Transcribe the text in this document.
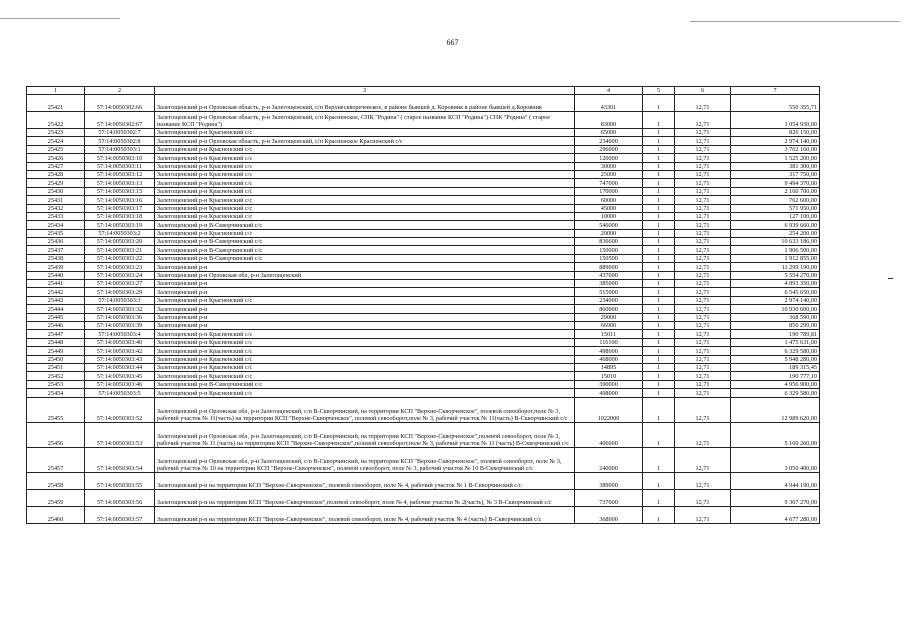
667
1	2	3	4	5	6	7
25421	57:14:0050302:66	Залегощенский р-н Орловская область, р-н Залегощенский, с/п Верхнескворечевское, в районе бывшей д. Коровник в районе бывшей д.Коровник	43301	1	12,71	550 355,71
25422	57:14:0050302:67	Залегощенский р-н Орловская область, р-н Залегощенский, с/п Красненское, СПК "Родина" ( старое название КСП "Родина") СПК "Родина" ( старое название КСП "Родина")	83000	1	12,71	1 054 930,00
25423	57:14:0050302:7	Залегощенский р-н Красненский с/с	65000	1	12,71	826 150,00
25424	57:14:0050302:8	Залегощенский р-н Орловская область, р-н Залегощенский, с/п Красненское Красненский с/с	234000	1	12,71	2 974 140,00
25425	57:14:0050303:1	Залегощенский р-н Красненский с/с	296000	1	12,71	3 762 160,00
25426	57:14:0050303:10	Залегощенский р-н Красненский с/с	120000	1	12,71	1 525 200,00
25427	57:14:0050303:11	Залегощенский р-н Красненский с/с	30000	1	12,71	381 300,00
25428	57:14:0050303:12	Залегощенский р-н Красненский с/с	25000	1	12,71	317 750,00
25429	57:14:0050303:13	Залегощенский р-н Красненский с/с	747000	1	12,71	9 494 370,00
25430	57:14:0050303:15	Залегощенский р-н Красненский с/с	170000	1	12,71	2 160 700,00
25431	57:14:0050303:16	Залегощенский р-н Красненский с/с	60000	1	12,71	762 600,00
25432	57:14:0050303:17	Залегощенский р-н Красненский с/с	45000	1	12,71	571 950,00
25433	57:14:0050303:18	Залегощенский р-н Красненский с/с	10000	1	12,71	127 100,00
25434	57:14:0050303:19	Залегощенский р-н В-Скворчинский с/с	546000	1	12,71	6 939 660,00
25435	57:14:0050303:2	Залегощенский р-н Красненский с/с	20000	1	12,71	254 200,00
25436	57:14:0050303:20	Залегощенский р-н В-Скворчинский с/с	836600	1	12,71	10 633 186,00
25437	57:14:0050303:21	Залегощенский р-н В-Скворчинский с/с	150000	1	12,71	1 906 500,00
25438	57:14:0050303:22	Залегощенский р-н В-Скворчинский с/с	150500	1	12,71	1 912 855,00
25439	57:14:0050303:23	Залегощенский р-н	889000	1	12,71	11 299 190,00
25440	57:14:0050303:24	Залегощенский р-н Орловская обл, р-н Залегощенский	437000	1	12,71	5 554 270,00
25441	57:14:0050303:27	Залегощенский р-н	385000	1	12,71	4 893 350,00
25442	57:14:0050303:29	Залегощенский р-н	515000	1	12,71	6 545 650,00
25443	57:14:0050303:3	Залегощенский р-н Красненский с/с	234000	1	12,71	2 974 140,00
25444	57:14:0050303:32	Залегощенский р-н	860000	1	12,71	10 930 600,00
25445	57:14:0050303:36	Залегощенский р-н	29000	1	12,71	368 590,00
25446	57:14:0050303:39	Залегощенский р-н	66900	1	12,71	850 299,00
25447	57:14:0050303:4	Залегощенский р-н Красненский с/с	15011	1	12,71	190 789,81
25448	57:14:0050303:40	Залегощенский р-н Красненский с/с	116100	1	12,71	1 475 631,00
25449	57:14:0050303:42	Залегощенский р-н Красненский с/с	498000	1	12,71	6 329 580,00
25450	57:14:0050303:43	Залегощенский р-н Красненский с/с	468000	1	12,71	5 948 280,00
25451	57:14:0050303:44	Залегощенский р-н Красненский с/с	14895	1	12,71	189 315,45
25452	57:14:0050303:45	Залегощенский р-н Красненский с/с	15010	1	12,71	190 777,10
25453	57:14:0050303:46	Залегощенский р-н В-Скворчинский с/с	390000	1	12,71	4 956 900,00
25454	57:14:0050303:5	Залегощенский р-н Красненский с/с	498000	1	12,71	6 329 580,00
25455	57:14:0050303:52	Залегощенский р-н Орловская обл, р-н Залегощенский, с/п В-Скворчинский, на территории КСП "Верхне-Скворченское", полевой севооборот,поле № 3, рабочий участок № 11(часть) на территории КСП "Верхне-Скворченское", полевой севооборот,поле № 3, рабочий участок № 11(часть) В-Скворчинский с/с	1022000	1	12,71	12 989 620,00
25456	57:14:0050303:53	Залегощенский р-н Орловская обл, р-н Залегощенский, с/п В-Скворчинский, на территории КСП "Верхне-Скворченское",полевой севооборот, поле № 3, рабочий участок № 11 (часть) на территории КСП "Верхне-Скворченское",полевой севооборот,поле № 3, рабочий участок № 11 (часть) В-Скворчинский с/с	406000	1	12,71	5 160 260,00
25457	57:14:0050303:54	Залегощенский р-н Орловская обл, р-н Залегощенский, с/п В-Скворчинский, на территории КСП "Верхне-Скворченское", полевой севооборот, поле № 3, рабочий участок № 10 на территории КСП "Верхне-Скворченское", полевой севооборот, поле № 3, рабочий участок № 10 В-Скворчинский с/с	240000	1	12,71	3 050 400,00
25458	57:14:0050303:55	Залегощенский р-н на территории КСП "Верхне-Скворченское", полевой севооборот, поле № 4, рабочий участок № 1 В-Скворчинский с/с	389000	1	12,71	4 944 190,00
25459	57:14:0050303:56	Залегощенский р-н на территории КСП "Верхне-Скворченское",полевой севооборот, поле № 4, рабочие участки № 2(часть), № 3 В-Скворчинский с/с	737000	1	12,71	9 367 270,00
25460	57:14:0050303:57	Залегощенский р-н на территории КСП "Верхне-Скворченское", полевой севооборот, поле № 4, рабочий участок № 4 (часть) В-Скворчинский с/с	368000	1	12,71	4 677 280,00
